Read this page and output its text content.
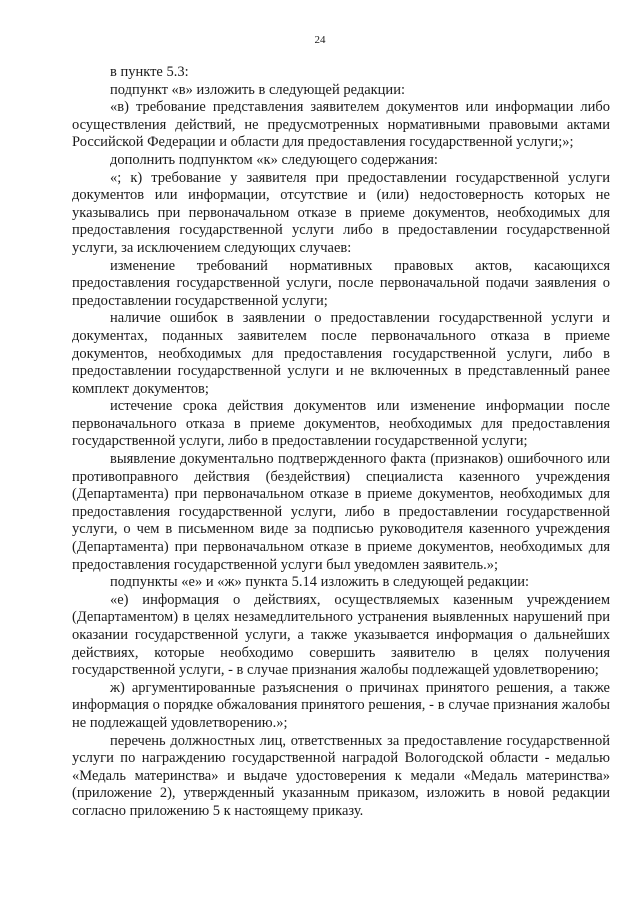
24

в пункте 5.3:

подпункт «в» изложить в следующей редакции:

«в) требование представления заявителем документов или информации либо осуществления действий, не предусмотренных нормативными правовыми актами Российской Федерации и области для предоставления государственной услуги;»;

дополнить подпунктом «к» следующего содержания:

«; к) требование у заявителя при предоставлении государственной услуги документов или информации, отсутствие и (или) недостоверность которых не указывались при первоначальном отказе в приеме документов, необходимых для предоставления государственной услуги либо в предоставлении государственной услуги, за исключением следующих случаев:

изменение требований нормативных правовых актов, касающихся предоставления государственной услуги, после первоначальной подачи заявления о предоставлении государственной услуги;

наличие ошибок в заявлении о предоставлении государственной услуги и документах, поданных заявителем после первоначального отказа в приеме документов, необходимых для предоставления государственной услуги, либо в предоставлении государственной услуги и не включенных в представленный ранее комплект документов;

истечение срока действия документов или изменение информации после первоначального отказа в приеме документов, необходимых для предоставления государственной услуги, либо в предоставлении государственной услуги;

выявление документально подтвержденного факта (признаков) ошибочного или противоправного действия (бездействия) специалиста казенного учреждения (Департамента) при первоначальном отказе в приеме документов, необходимых для предоставления государственной услуги, либо в предоставлении государственной услуги, о чем в письменном виде за подписью руководителя казенного учреждения (Департамента) при первоначальном отказе в приеме документов, необходимых для предоставления государственной услуги был уведомлен заявитель.»;

подпункты «е» и «ж» пункта 5.14 изложить в следующей редакции:

«е) информация о действиях, осуществляемых казенным учреждением (Департаментом) в целях незамедлительного устранения выявленных нарушений при оказании государственной услуги, а также указывается информация о дальнейших действиях, которые необходимо совершить заявителю в целях получения государственной услуги, - в случае признания жалобы подлежащей удовлетворению;

ж) аргументированные разъяснения о причинах принятого решения, а также информация о порядке обжалования принятого решения, - в случае признания жалобы не подлежащей удовлетворению.»;

перечень должностных лиц, ответственных за предоставление государственной услуги по награждению государственной наградой Вологодской области - медалью «Медаль материнства» и выдаче удостоверения к медали «Медаль материнства» (приложение 2), утвержденный указанным приказом, изложить в новой редакции согласно приложению 5 к настоящему приказу.
